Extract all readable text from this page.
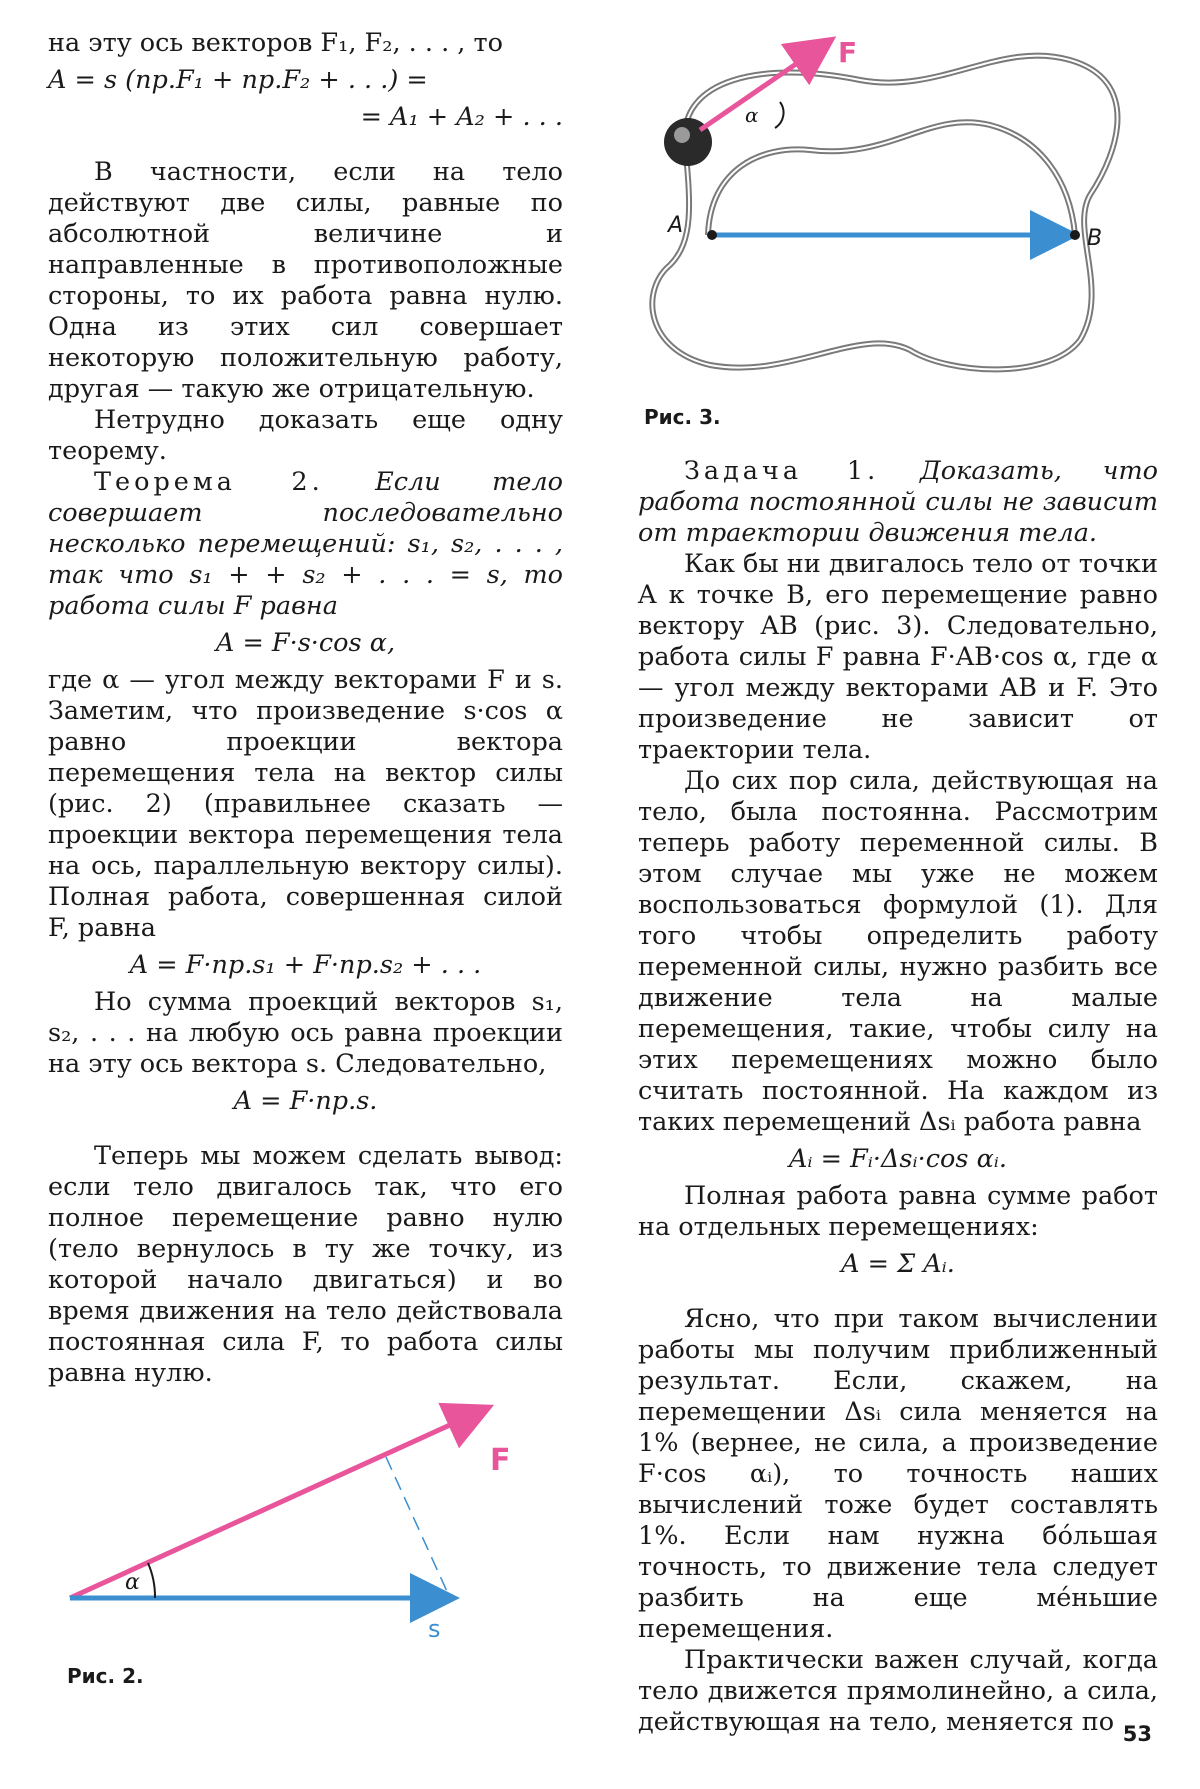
на эту ось векторов F₁, F₂, . . . , то

A = s (пр.F₁ + пр.F₂ + . . .) =

= A₁ + A₂ + . . .

В частности, если на тело действуют две силы, равные по абсолютной величине и направленные в противоположные стороны, то их работа равна нулю. Одна из этих сил совершает некоторую положительную работу, другая — такую же отрицательную.

Нетрудно доказать еще одну теорему.

Теорема 2. Если тело совершает последовательно несколько перемещений: s₁, s₂, . . . , так что s₁ + + s₂ + . . . = s, то работа силы F равна

A = F·s·cos α,

где α — угол между векторами F и s. Заметим, что произведение s·cos α равно проекции вектора перемещения тела на вектор силы (рис. 2) (правильнее сказать — проекции вектора перемещения тела на ось, параллельную вектору силы). Полная работа, совершенная силой F, равна

A = F·пр.s₁ + F·пр.s₂ + . . .

Но сумма проекций векторов s₁, s₂, . . . на любую ось равна проекции на эту ось вектора s. Следовательно,

A = F·пр.s.

Теперь мы можем сделать вывод: если тело двигалось так, что его полное перемещение равно нулю (тело вернулось в ту же точку, из которой начало двигаться) и во время движения на тело действовала постоянная сила F, то работа силы равна нулю.

α
F
s
Рис. 2.
α
F
A
B
Рис. 3.

Задача 1. Доказать, что работа постоянной силы не зависит от траектории движения тела.

Как бы ни двигалось тело от точки A к точке B, его перемещение равно вектору AB (рис. 3). Следовательно, работа силы F равна F·AB·cos α, где α — угол между векторами AB и F. Это произведение не зависит от траектории тела.

До сих пор сила, действующая на тело, была постоянна. Рассмотрим теперь работу переменной силы. В этом случае мы уже не можем воспользоваться формулой (1). Для того чтобы определить работу переменной силы, нужно разбить все движение тела на малые перемещения, такие, чтобы силу на этих перемещениях можно было считать постоянной. На каждом из таких перемещений Δsᵢ работа равна

Aᵢ = Fᵢ·Δsᵢ·cos αᵢ.

Полная работа равна сумме работ на отдельных перемещениях:

A = Σ Aᵢ.

Ясно, что при таком вычислении работы мы получим приближенный результат. Если, скажем, на перемещении Δsᵢ сила меняется на 1% (вернее, не сила, а произведение F·cos αᵢ), то точность наших вычислений тоже будет составлять 1%. Если нам нужна бо́льшая точность, то движение тела следует разбить на еще ме́ньшие перемещения.

Практически важен случай, когда тело движется прямолинейно, а сила, действующая на тело, меняется по 53
